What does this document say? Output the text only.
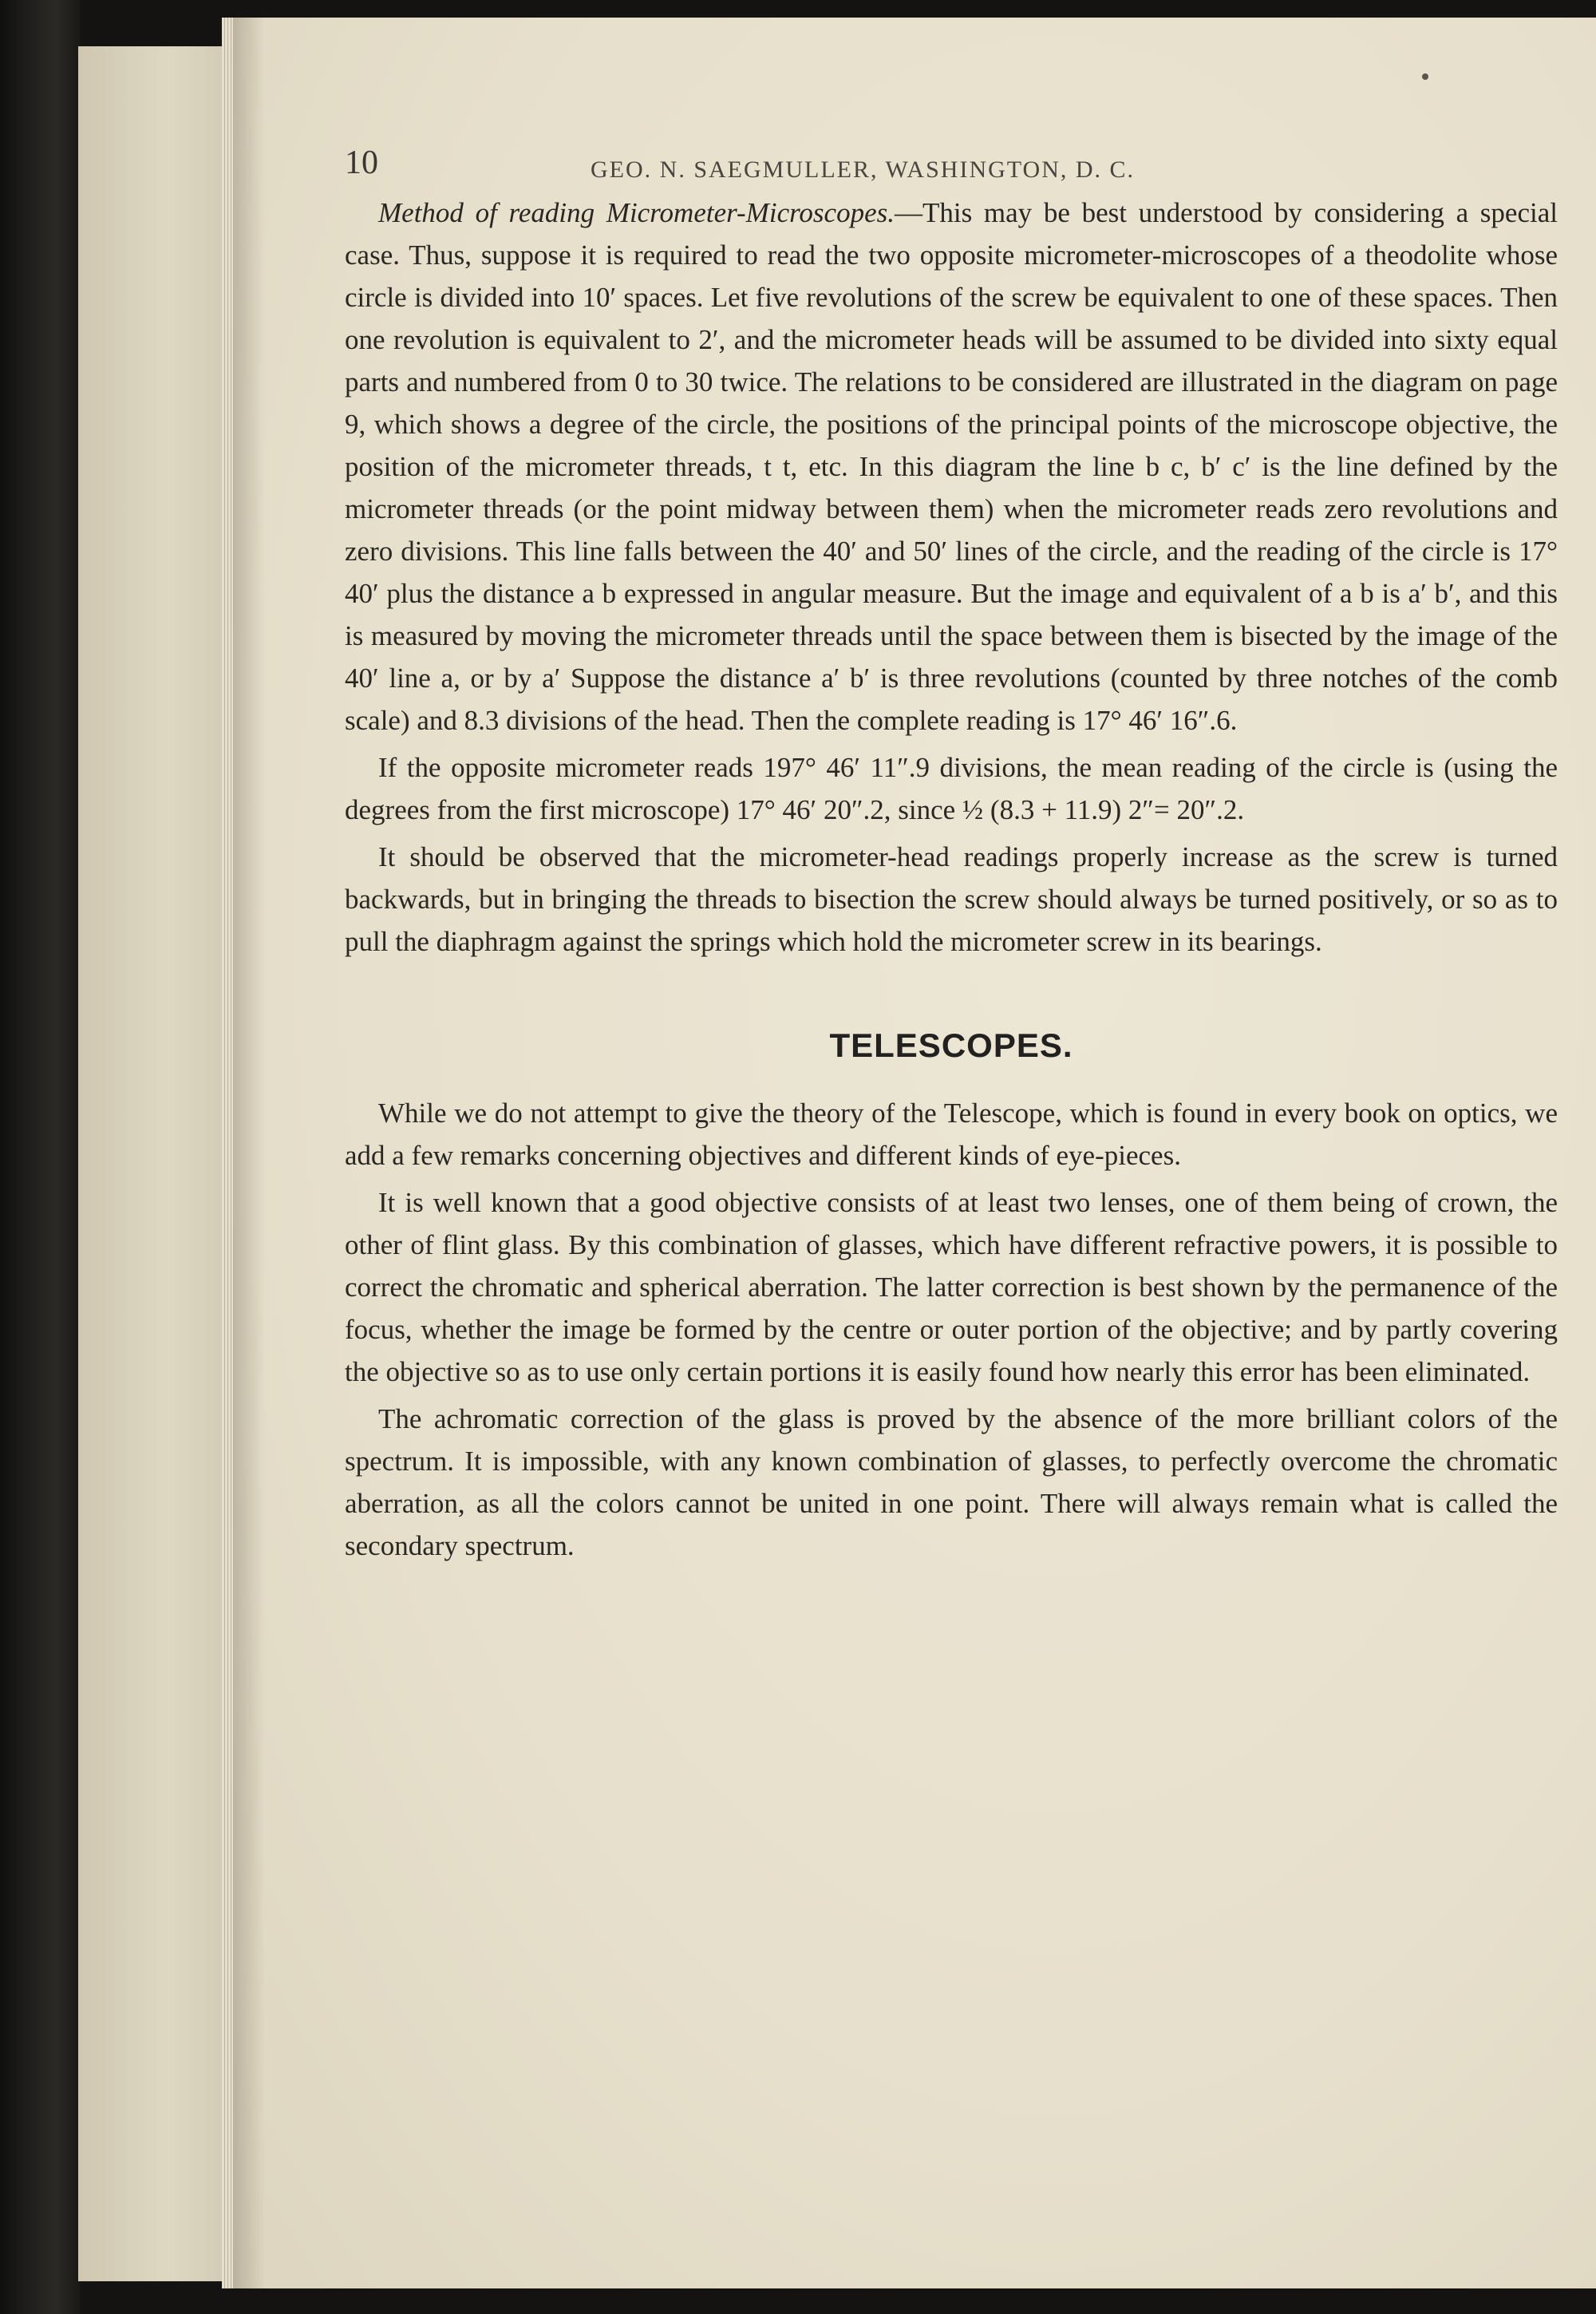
10	GEO. N. SAEGMULLER, WASHINGTON, D. C.

Method of reading Micrometer-Microscopes.—This may be best understood by considering a special case. Thus, suppose it is required to read the two opposite micrometer-microscopes of a theodolite whose circle is divided into 10′ spaces. Let five revolutions of the screw be equivalent to one of these spaces. Then one revolution is equivalent to 2′, and the micrometer heads will be assumed to be divided into sixty equal parts and numbered from 0 to 30 twice. The relations to be considered are illustrated in the diagram on page 9, which shows a degree of the circle, the positions of the principal points of the microscope objective, the position of the micrometer threads, t t, etc. In this diagram the line b c, b′ c′ is the line defined by the micrometer threads (or the point midway between them) when the micrometer reads zero revolutions and zero divisions. This line falls between the 40′ and 50′ lines of the circle, and the reading of the circle is 17° 40′ plus the distance a b expressed in angular measure. But the image and equivalent of a b is a′ b′, and this is measured by moving the micrometer threads until the space between them is bisected by the image of the 40′ line a, or by a′ Suppose the distance a′ b′ is three revolutions (counted by three notches of the comb scale) and 8.3 divisions of the head. Then the complete reading is 17° 46′ 16″.6.

If the opposite micrometer reads 197° 46′ 11″.9 divisions, the mean reading of the circle is (using the degrees from the first microscope) 17° 46′ 20″.2, since ½ (8.3 + 11.9) 2″= 20″.2.

It should be observed that the micrometer-head readings properly increase as the screw is turned backwards, but in bringing the threads to bisection the screw should always be turned positively, or so as to pull the diaphragm against the springs which hold the micrometer screw in its bearings.

TELESCOPES.

While we do not attempt to give the theory of the Telescope, which is found in every book on optics, we add a few remarks concerning objectives and different kinds of eye-pieces.

It is well known that a good objective consists of at least two lenses, one of them being of crown, the other of flint glass. By this combination of glasses, which have different refractive powers, it is possible to correct the chromatic and spherical aberration. The latter correction is best shown by the permanence of the focus, whether the image be formed by the centre or outer portion of the objective; and by partly covering the objective so as to use only certain portions it is easily found how nearly this error has been eliminated.

The achromatic correction of the glass is proved by the absence of the more brilliant colors of the spectrum. It is impossible, with any known combination of glasses, to perfectly overcome the chromatic aberration, as all the colors cannot be united in one point. There will always remain what is called the secondary spectrum.
